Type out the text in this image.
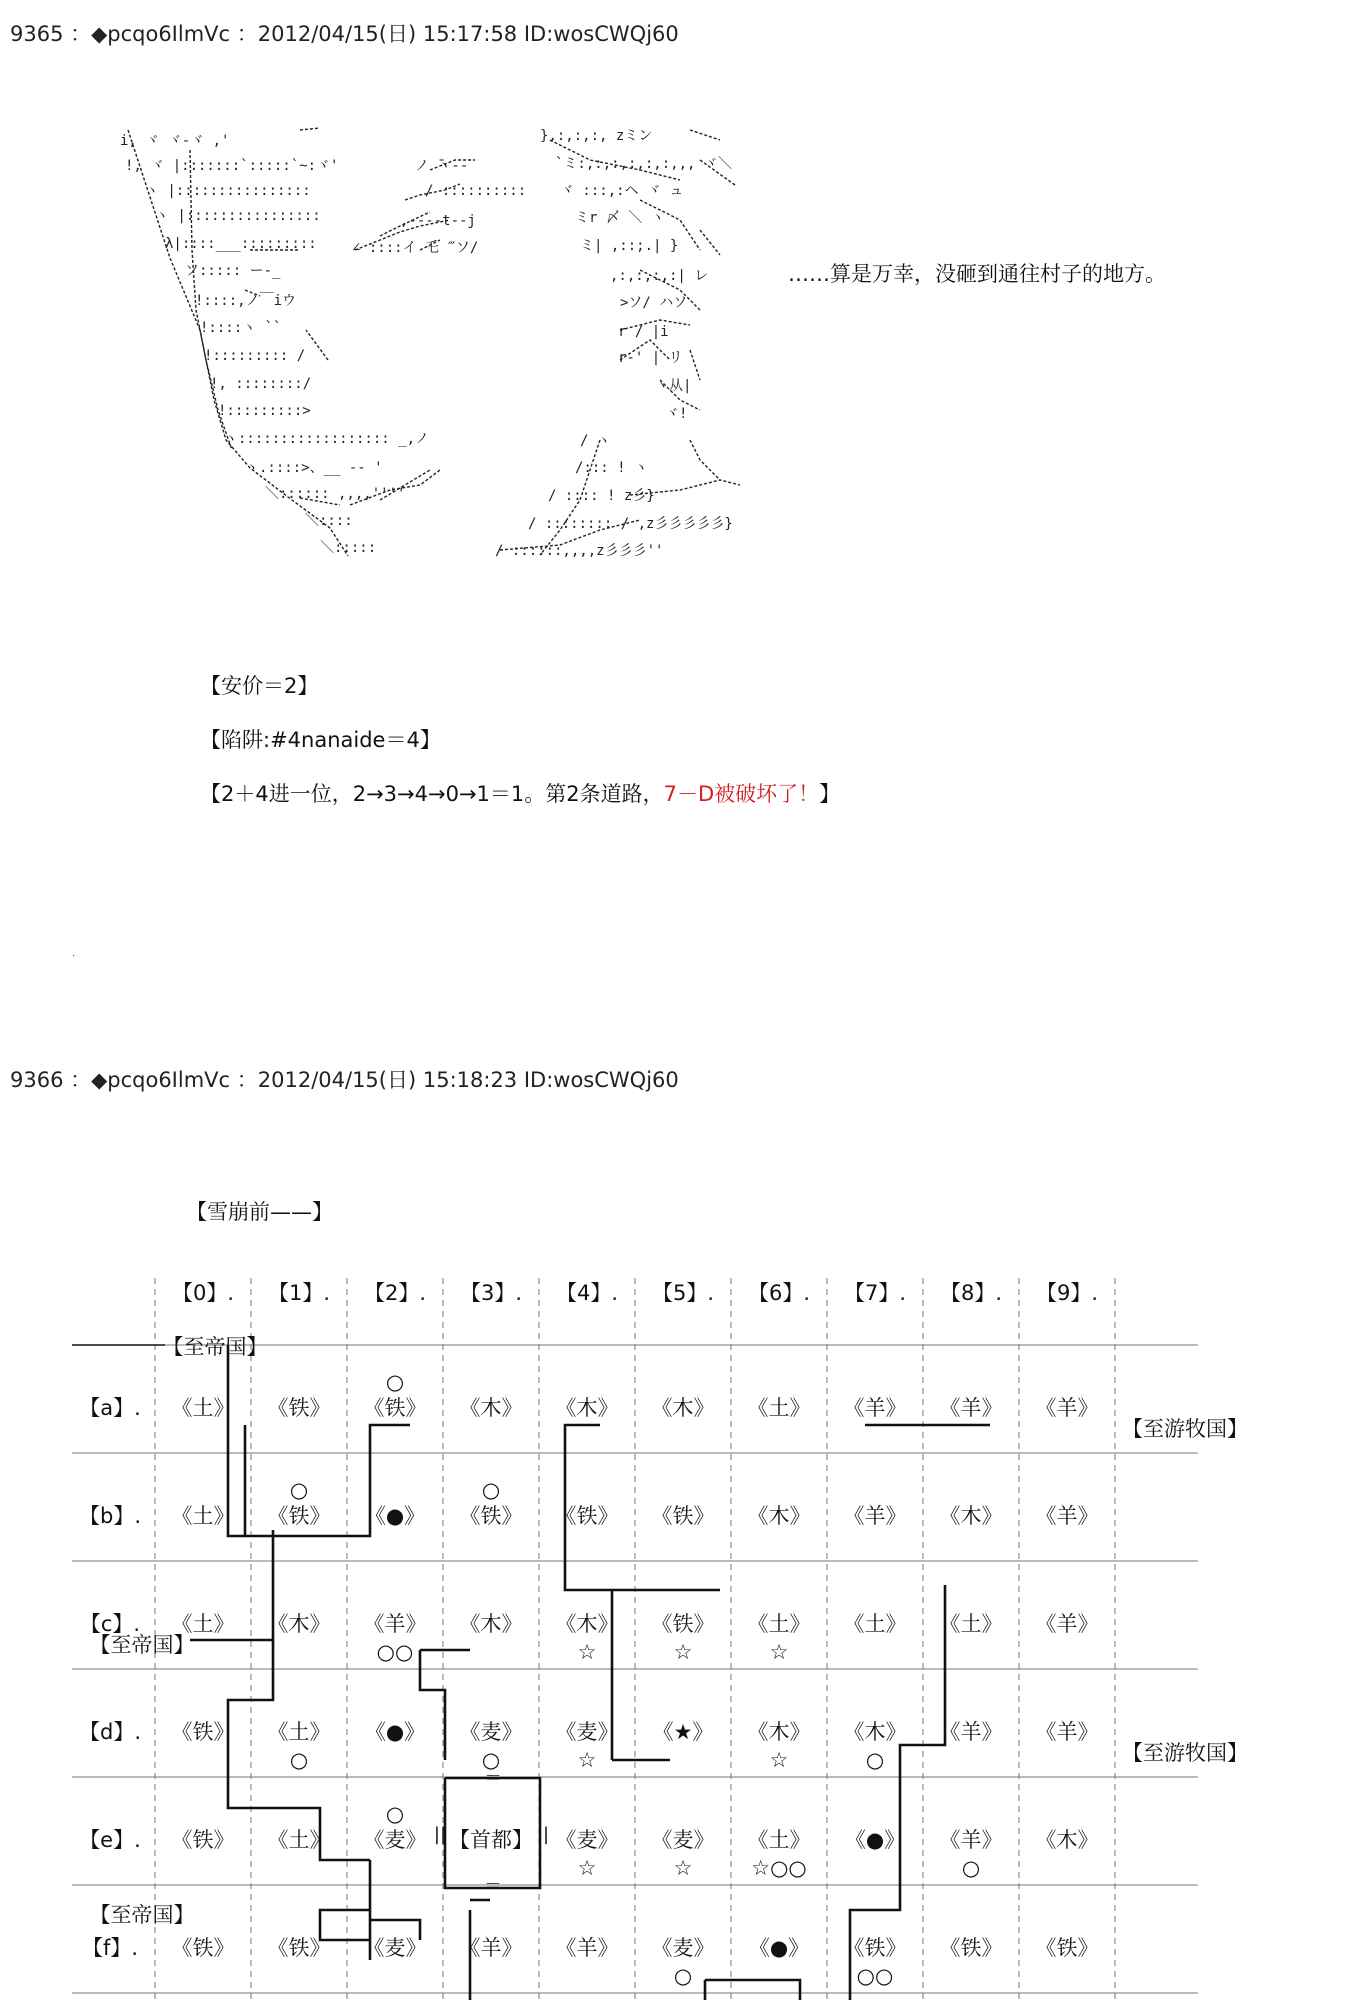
9365 ：◆pcqo6IlmVc ：2012/04/15(日) 15:17:58 ID:wosCWQj60
i, ヾ ヾ-ヾ ,'
!, ヾ |:::::::`:::::`~:ヾ'
ヽ |::::::::::::::::
ヽ |::::::::::::::::
λ|::::___:::::::::
ソ::::: ー-_
!::::,ノ￣iウ
!::::ヽ ``
!::::::::: /
!, ::::::::/
!:::::::::>
ヽ:::::::::::::::::: _,ノ
ヽ.::::>、__ -- '
＼:::::: ,,,,''''
＼::::
＼:::::
ノ ̄ヽ--
/ ::::::::::
,--‐‐t--j
∠ ::::イ 乇 ‴ソ/
},:,:,:, zミン
`ミ:,:,:,:,:,:,,, ヾ＼
ヾ :::,:ヘ ヾ ュ
ミr 〆 ＼ ヽ
ミ| ,::;.| }
,:,:,:,:| レ
>ソ/ ハソ
r / |i
r‐' | リ
ヽ从|
ヾ!
/ ヽ
/::: ! ヽ
/ :::: ! z彡}
/ :::::::: / ,z彡彡彡彡彡}
/ ::::::,,,,z彡彡彡''
……算是万幸，没砸到通往村子的地方。
【安价＝2】
【陷阱:#4nanaide＝4】
【2＋4进一位，2→3→4→0→1＝1。第2条道路，7－D被破坏了！】
.
9366 ：◆pcqo6IlmVc ：2012/04/15(日) 15:18:23 ID:wosCWQj60
【雪崩前——】
【0】. 【1】. 【2】. 【3】. 【4】. 【5】. 【6】. 【7】. 【8】. 【9】.
【a】.
【b】.
【c】.
【d】.
【e】.
【f】.
《土》 《铁》 《铁》
○
《木》 《木》 《木》 《土》 《羊》 《羊》 《羊》
《土》 《铁》
○
《●》 《铁》
○
《铁》 《铁》 《木》 《羊》 《木》 《羊》
《土》 《木》 《羊》
○○
《木》 《木》
☆
《铁》
☆
《土》
☆
《土》 《土》 《羊》
《铁》 《土》
○
《●》 《麦》
○
《麦》
☆
《★》 《木》
☆
《木》
○
《羊》 《羊》
《铁》 《土》 《麦》
○
【首都】 《麦》
☆
《麦》
☆
《土》
☆○○
《●》 《羊》
○
《木》
《铁》 《铁》 《麦》 《羊》 《羊》 《麦》
○
《●》 《铁》
○○
《铁》 《铁》
【至帝国】
【至游牧国】
【至帝国】
【至游牧国】
【至帝国】
＝
＝
||	||
